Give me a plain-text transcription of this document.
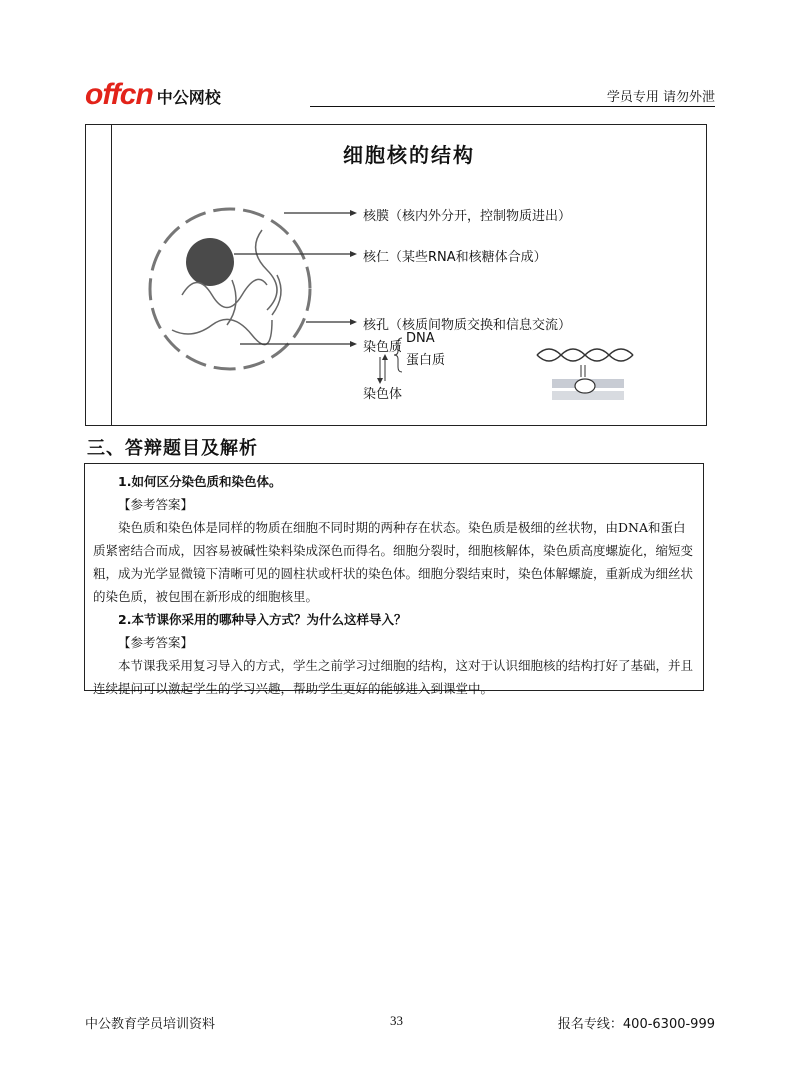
offcn 中公网校	学员专用 请勿外泄
细胞核的结构
核膜（核内外分开，控制物质进出）
核仁（某些RNA和核糖体合成）
核孔（核质间物质交换和信息交流）
染色质
DNA
蛋白质
染色体
三、答辩题目及解析

1.如何区分染色质和染色体。

【参考答案】

染色质和染色体是同样的物质在细胞不同时期的两种存在状态。染色质是极细的丝状物，由DNA和蛋白质紧密结合而成，因容易被碱性染料染成深色而得名。细胞分裂时，细胞核解体，染色质高度螺旋化，缩短变粗，成为光学显微镜下清晰可见的圆柱状或杆状的染色体。细胞分裂结束时，染色体解螺旋，重新成为细丝状的染色质，被包围在新形成的细胞核里。

2.本节课你采用的哪种导入方式？为什么这样导入？

【参考答案】

本节课我采用复习导入的方式，学生之前学习过细胞的结构，这对于认识细胞核的结构打好了基础，并且连续提问可以激起学生的学习兴趣，帮助学生更好的能够进入到课堂中。

中公教育学员培训资料	33	报名专线：400-6300-999
